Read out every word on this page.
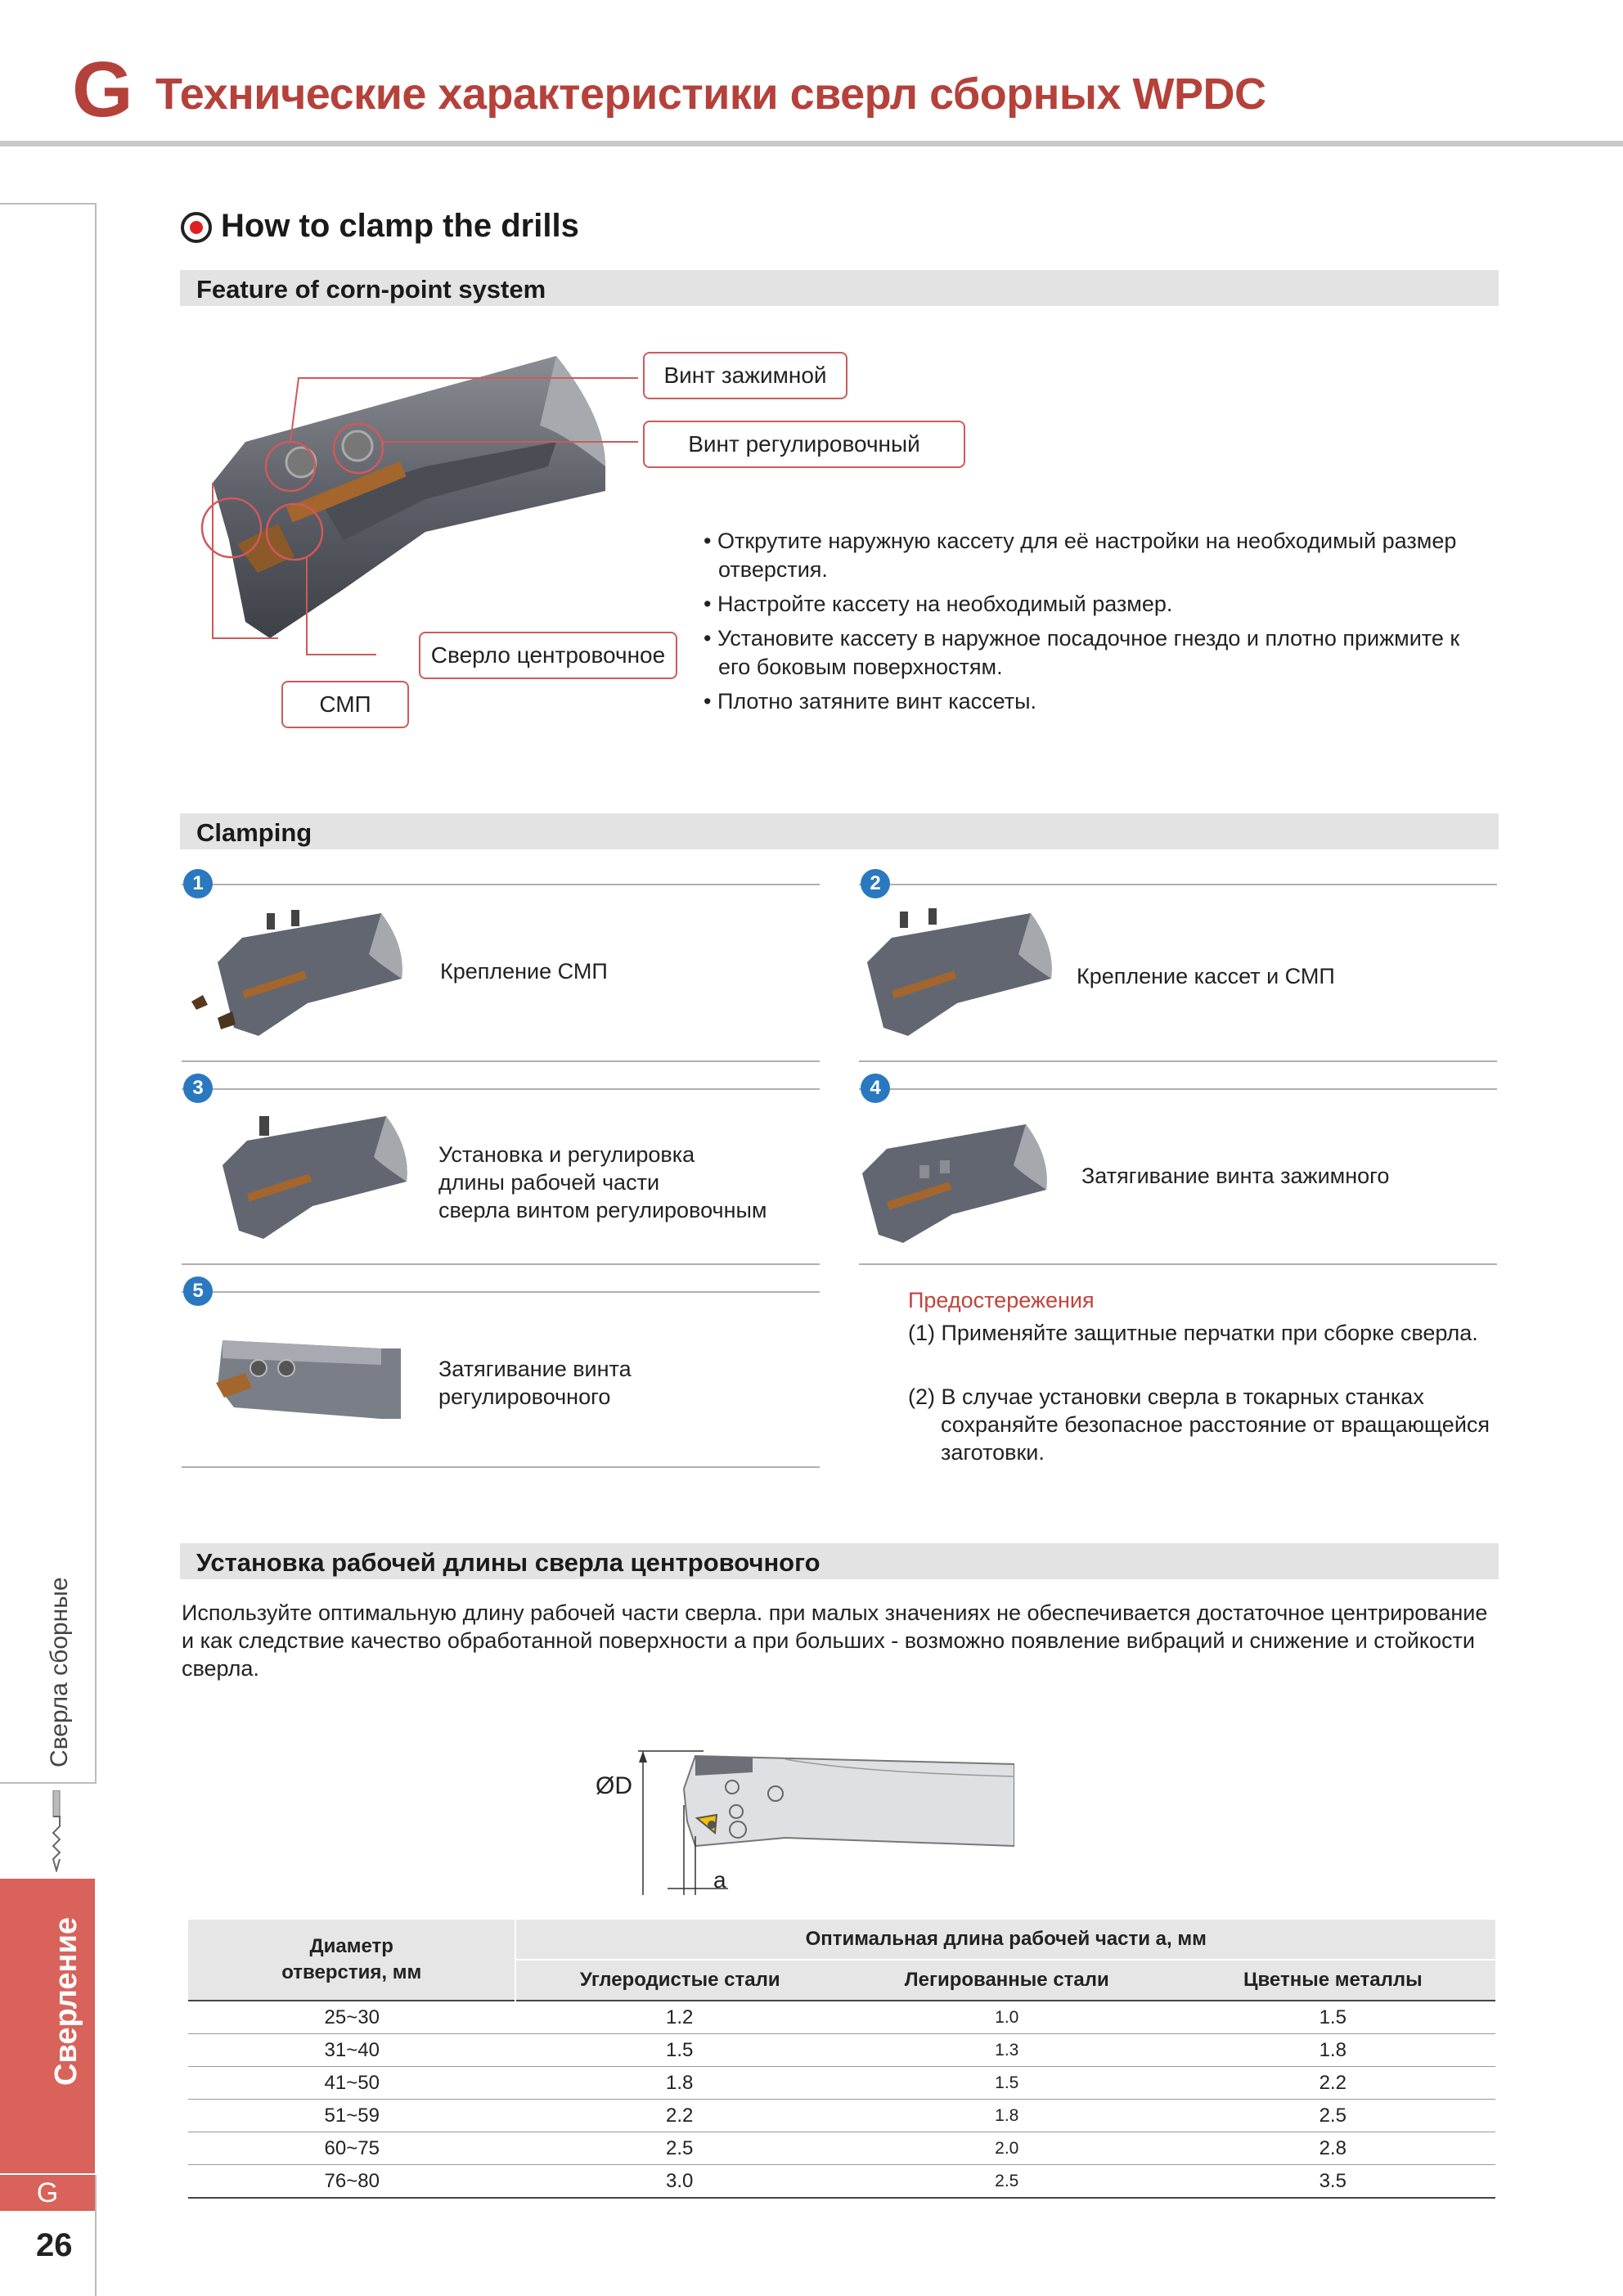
G Технические характеристики сверл сборных WPDC
Сверла сборные
Сверление
G
26
How to clamp the drills
Feature of corn-point system
Винт зажимной
Винт регулировочный
Сверло центровочное
СМП
• Открутите наружную кассету для её настройки на необходимый размер отверстия.
• Настройте кассету на необходимый размер.
• Установите кассету в наружное посадочное гнездо и плотно прижмите к его боковым поверхностям.
• Плотно затяните винт кассеты.
Clamping
1	2
3	4
5
Крепление СМП	Крепление кассет и СМП
Установка и регулировка
длины рабочей части
сверла винтом регулировочным
Затягивание винта зажимного
Затягивание винта
регулировочного
Предостережения
(1) Применяйте защитные перчатки при сборке сверла.
(2) В случае установки сверла в токарных станках сохраняйте безопасное расстояние от вращающейся заготовки.
Установка рабочей длины сверла центровочного
Используйте оптимальную длину рабочей части сверла. при малых значениях не обеспечивается достаточное центрирование и как следствие качество обработанной поверхности а при больших - возможно появление вибраций и снижение и стойкости сверла.
ØD
a
Диаметр
отверстия, мм	Оптимальная длина рабочей части a, мм		
	Углеродистые стали	Легированные стали	Цветные металлы
25~30	1.2	1.0	1.5
31~40	1.5	1.3	1.8
41~50	1.8	1.5	2.2
51~59	2.2	1.8	2.5
60~75	2.5	2.0	2.8
76~80	3.0	2.5	3.5
